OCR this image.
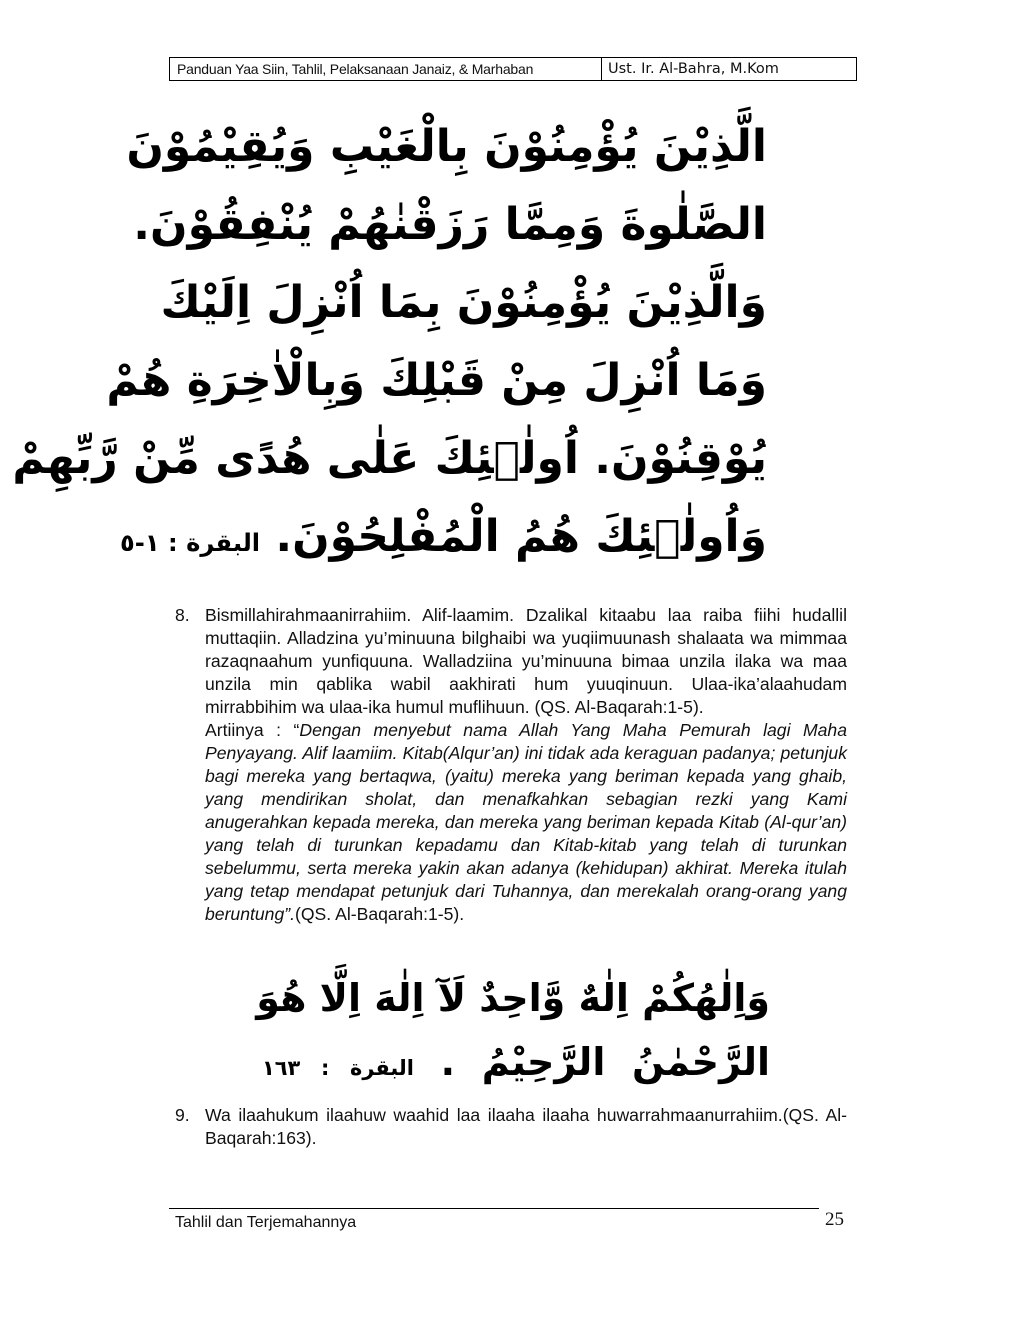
Panduan Yaa Siin, Tahlil, Pelaksanaan Janaiz, & Marhaban	Ust. Ir. Al-Bahra, M.Kom
الَّذِيْنَ يُؤْمِنُوْنَ بِالْغَيْبِ وَيُقِيْمُوْنَ
الصَّلٰوةَ وَمِمَّا رَزَقْنٰهُمْ يُنْفِقُوْنَ.
وَالَّذِيْنَ يُؤْمِنُوْنَ بِمَا اُنْزِلَ اِلَيْكَ
وَمَا اُنْزِلَ مِنْ قَبْلِكَ وَبِالْاٰخِرَةِ هُمْ
يُوْقِنُوْنَ. اُولٰۤئِكَ عَلٰى هُدًى مِّنْ رَّبِّهِمْ
وَاُولٰۤئِكَ هُمُ الْمُفْلِحُوْنَ. البقرة : ١-٥
8. Bismillahirahmaanirrahiim. Alif-laamim. Dzalikal kitaabu laa raiba fiihi hudallil muttaqiin. Alladzina yu’minuuna bilghaibi wa yuqiimuunash shalaata wa mimmaa razaqnaahum yunfiquuna. Walladziina yu’minuuna bimaa unzila ilaka wa maa unzila min qablika wabil aakhirati hum yuuqinuun. Ulaa-ika’alaahudam mirrabbihim wa ulaa-ika humul muflihuun. (QS. Al-Baqarah:1-5).

Artiinya : “Dengan menyebut nama Allah Yang Maha Pemurah lagi Maha Penyayang. Alif laamiim. Kitab(Alqur’an) ini tidak ada keraguan padanya; petunjuk bagi mereka yang bertaqwa, (yaitu) mereka yang beriman kepada yang ghaib, yang mendirikan sholat, dan menafkahkan sebagian rezki yang Kami anugerahkan kepada mereka, dan mereka yang beriman kepada Kitab (Al-qur’an) yang telah di turunkan kepadamu dan Kitab-kitab yang telah di turunkan sebelummu, serta mereka yakin akan adanya (kehidupan) akhirat. Mereka itulah yang tetap mendapat petunjuk dari Tuhannya, dan merekalah orang-orang yang beruntung”.(QS. Al-Baqarah:1-5).

وَاِلٰهُكُمْ اِلٰهٌ وَّاحِدٌ لَآ اِلٰهَ اِلَّا هُوَ
الرَّحْمٰنُ الرَّحِيْمُ . البقرة : ١٦٣
9. Wa ilaahukum ilaahuw waahid laa ilaaha ilaaha huwarrahmaanurrahiim.(QS. Al-Baqarah:163).

Tahlil dan Terjemahannya	25
